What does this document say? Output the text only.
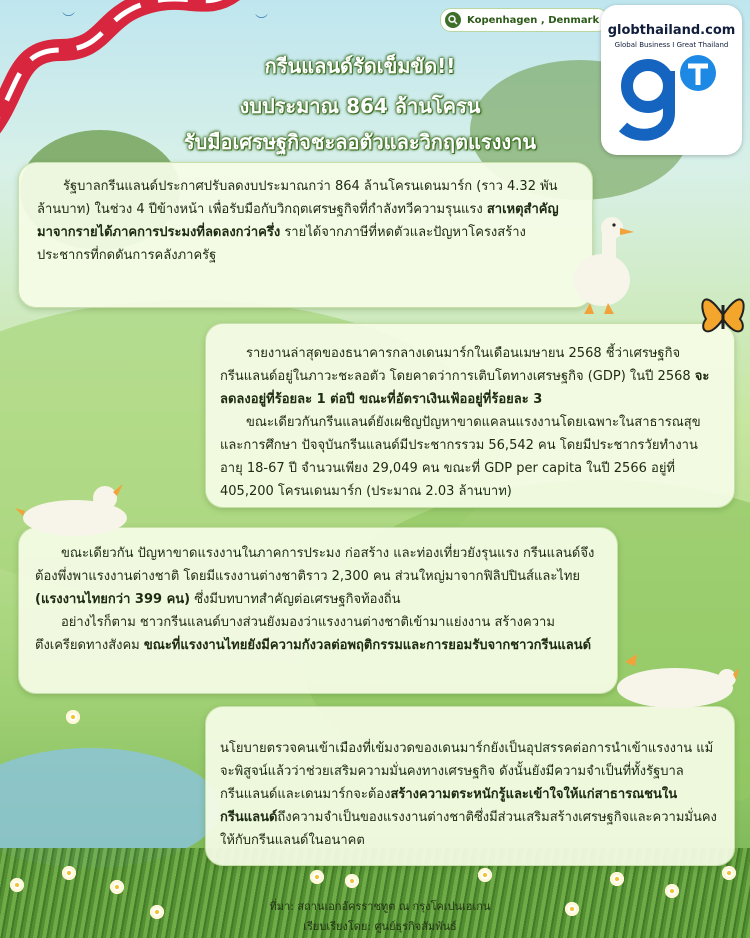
︶	︶	Kopenhagen , Denmark
globthailand.com
Global Business I Great Thailand
กรีนแลนด์รัดเข็มขัด!!
งบประมาณ 864 ล้านโครน
รับมือเศรษฐกิจชะลอตัวและวิกฤตแรงงาน

รัฐบาลกรีนแลนด์ประกาศปรับลดงบประมาณกว่า 864 ล้านโครนเดนมาร์ก (ราว 4.32 พันล้านบาท) ในช่วง 4 ปีข้างหน้า เพื่อรับมือกับวิกฤตเศรษฐกิจที่กำลังทวีความรุนแรง สาเหตุสำคัญมาจากรายได้ภาคการประมงที่ลดลงกว่าครึ่ง รายได้จากภาษีที่หดตัวและปัญหาโครงสร้างประชากรที่กดดันการคลังภาครัฐ

รายงานล่าสุดของธนาคารกลางเดนมาร์กในเดือนเมษายน 2568 ชี้ว่าเศรษฐกิจกรีนแลนด์อยู่ในภาวะชะลอตัว โดยคาดว่าการเติบโตทางเศรษฐกิจ (GDP) ในปี 2568 จะลดลงอยู่ที่ร้อยละ 1 ต่อปี ขณะที่อัตราเงินเฟ้ออยู่ที่ร้อยละ 3

ขณะเดียวกันกรีนแลนด์ยังเผชิญปัญหาขาดแคลนแรงงานโดยเฉพาะในสาธารณสุขและการศึกษา ปัจจุบันกรีนแลนด์มีประชากรรวม 56,542 คน โดยมีประชากรวัยทำงานอายุ 18-67 ปี จำนวนเพียง 29,049 คน ขณะที่ GDP per capita ในปี 2566 อยู่ที่ 405,200 โครนเดนมาร์ก (ประมาณ 2.03 ล้านบาท)

ขณะเดียวกัน ปัญหาขาดแรงงานในภาคการประมง ก่อสร้าง และท่องเที่ยวยังรุนแรง กรีนแลนด์จึงต้องพึ่งพาแรงงานต่างชาติ โดยมีแรงงานต่างชาติราว 2,300 คน ส่วนใหญ่มาจากฟิลิปปินส์และไทย (แรงงานไทยกว่า 399 คน) ซึ่งมีบทบาทสำคัญต่อเศรษฐกิจท้องถิ่น

อย่างไรก็ตาม ชาวกรีนแลนด์บางส่วนยังมองว่าแรงงานต่างชาติเข้ามาแย่งงาน สร้างความตึงเครียดทางสังคม ขณะที่แรงงานไทยยังมีความกังวลต่อพฤติกรรมและการยอมรับจากชาวกรีนแลนด์

นโยบายตรวจคนเข้าเมืองที่เข้มงวดของเดนมาร์กยังเป็นอุปสรรคต่อการนำเข้าแรงงาน แม้จะพิสูจน์แล้วว่าช่วยเสริมความมั่นคงทางเศรษฐกิจ ดังนั้นยังมีความจำเป็นที่ทั้งรัฐบาลกรีนแลนด์และเดนมาร์กจะต้องสร้างความตระหนักรู้และเข้าใจให้แก่สาธารณชนในกรีนแลนด์ถึงความจำเป็นของแรงงานต่างชาติซึ่งมีส่วนเสริมสร้างเศรษฐกิจและความมั่นคงให้กับกรีนแลนด์ในอนาคต

ที่มา: สถานเอกอัครราชทูต ณ กรุงโคเปนเฮเกน
เรียบเรียงโดย: ศูนย์ธุรกิจสัมพันธ์
